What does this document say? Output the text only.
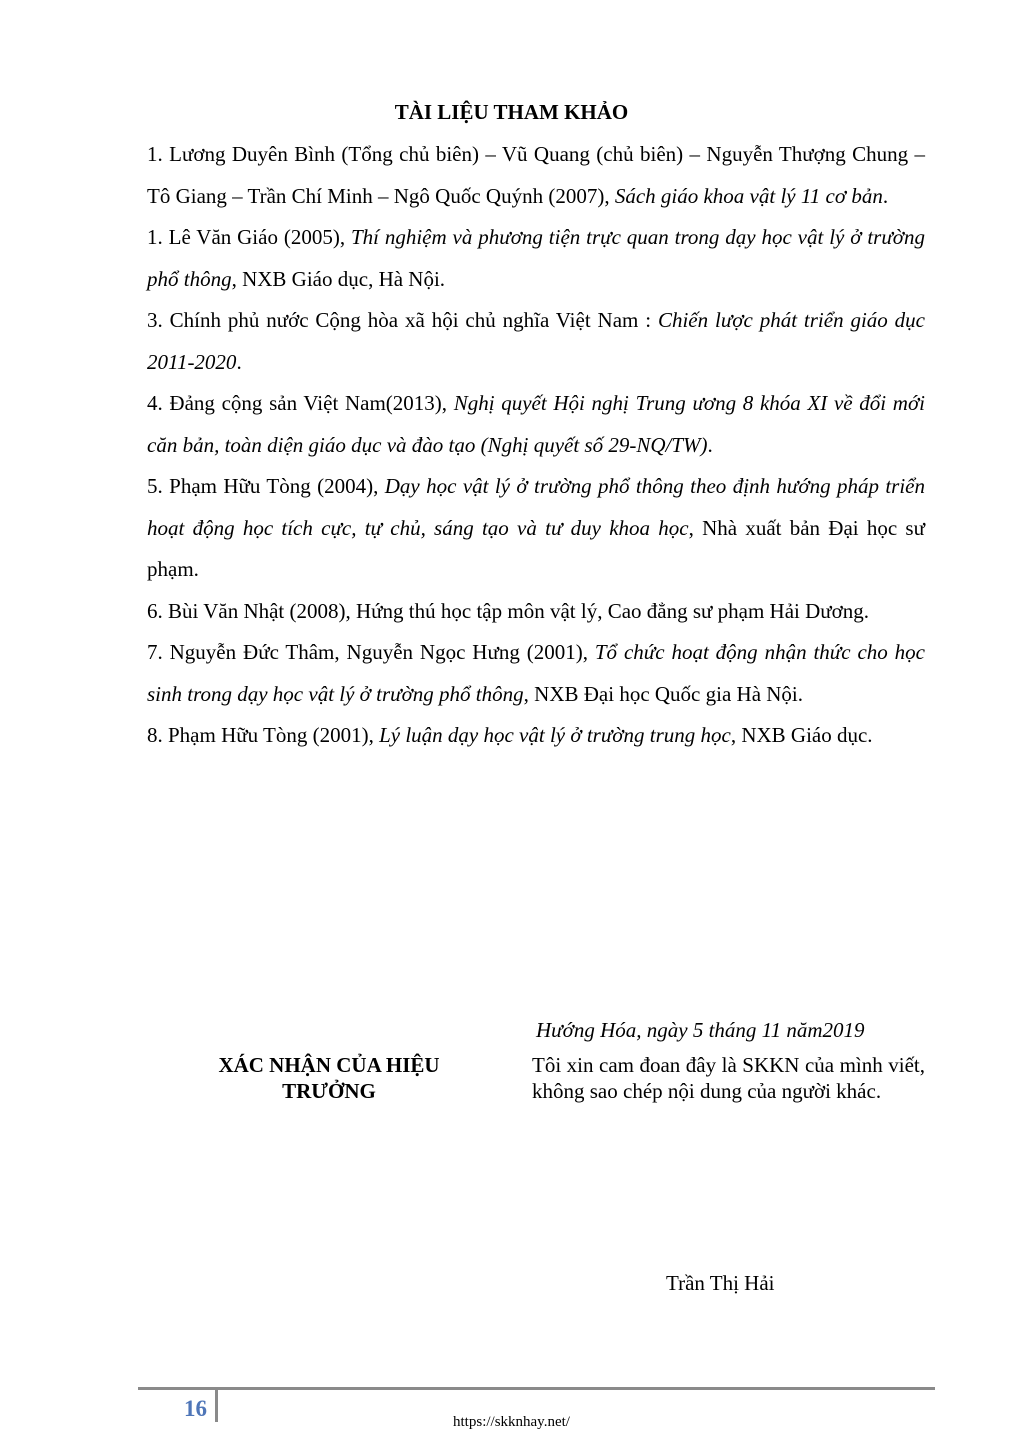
TÀI LIỆU THAM KHẢO

1. Lương Duyên Bình (Tổng chủ biên) – Vũ Quang (chủ biên) – Nguyễn Thượng Chung – Tô Giang – Trần Chí Minh – Ngô Quốc Quýnh (2007), Sách giáo khoa vật lý 11 cơ bản.

1. Lê Văn Giáo (2005), Thí nghiệm và phương tiện trực quan trong dạy học vật lý ở trường phổ thông, NXB Giáo dục, Hà Nội.

3. Chính phủ nước Cộng hòa xã hội chủ nghĩa Việt Nam : Chiến lược phát triển giáo dục 2011-2020.

4. Đảng cộng sản Việt Nam(2013), Nghị quyết Hội nghị Trung ương 8 khóa XI về đổi mới căn bản, toàn diện giáo dục và đào tạo (Nghị quyết số 29-NQ/TW).

5. Phạm Hữu Tòng (2004), Dạy học vật lý ở trường phổ thông theo định hướng pháp triển hoạt động học tích cực, tự chủ, sáng tạo và tư duy khoa học, Nhà xuất bản Đại học sư phạm.

6. Bùi Văn Nhật (2008), Hứng thú học tập môn vật lý, Cao đẳng sư phạm Hải Dương.

7. Nguyễn Đức Thâm, Nguyễn Ngọc Hưng (2001), Tổ chức hoạt động nhận thức cho học sinh trong dạy học vật lý ở trường phổ thông, NXB Đại học Quốc gia Hà Nội.

8. Phạm Hữu Tòng (2001), Lý luận dạy học vật lý ở trường trung học, NXB Giáo dục.

Hướng Hóa, ngày 5 tháng 11 năm2019
XÁC NHẬN CỦA HIỆU TRƯỞNG
Tôi xin cam đoan đây là SKKN của mình viết, không sao chép nội dung của người khác.
Trần Thị Hải
16
https://skknhay.net/
